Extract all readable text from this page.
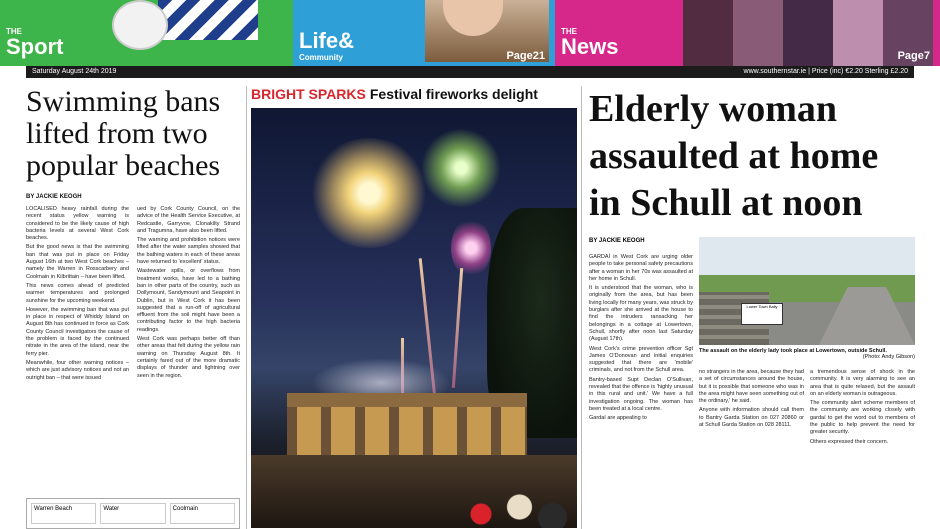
THE
Sport	Life&
Community	Page21
THE
News	Page7
Saturday August 24th 2019	www.southernstar.ie | Price (inc) €2.20 Sterling £2.20
Swimming bans lifted from two popular beaches
BY JACKIE KEOGH

LOCALISED heavy rainfall during the recent status yellow warning is considered to be the likely cause of high bacteria levels at several West Cork beaches.

But the good news is that the swimming ban that was put in place on Friday August 16th at two West Cork beaches – namely the Warren in Rosscarbery and Coolmain in Kilbrittain – have been lifted.

This news comes ahead of predicted warmer temperatures and prolonged sunshine for the upcoming weekend.

However, the swimming ban that was put in place in respect of Whiddy Island on August 8th has continued in force as Cork County Council investigators the cause of the problem is faced by the continued nitrate in the area of the island, near the ferry pier.

Meanwhile, four other warning notices – which are just advisory notices and not an outright ban – that were issued

ued by Cork County Council, on the advice of the Health Service Executive, at Redcastle, Garryvoe, Clonakilty Strand and Tragumna, have also been lifted.

The warning and prohibition notices were lifted after the water samples showed that the bathing waters in each of these areas have returned to 'excellent' status.

Wastewater spills, or overflows from treatment works, have led to a bathing ban in other parts of the country, such as Dollymount, Sandymount and Seapoint in Dublin, but in West Cork it has been suggested that a run-off of agricultural effluent from the soil might have been a contributing factor to the high bacteria readings.

West Cork was perhaps better off than other areas that felt during the yellow rain warning on Thursday August 8th. It certainly fared out of the more dramatic displays of thunder and lightning over seen in the region.

Warren Beach	Water	Coolmain
BRIGHT SPARKS Festival fireworks delight	Elderly woman assaulted at home in Schull at noon
BY JACKIE KEOGH

GARDAÍ in West Cork are urging older people to take personal safety precautions after a woman in her 70s was assaulted at her home in Schull.

It is understood that the woman, who is originally from the area, but has been living locally for many years, was struck by burglars after she arrived at the house to find the intruders ransacking her belongings in a cottage at Lowertown, Schull, shortly after noon last Saturday (August 17th).

West Cork's crime prevention officer Sgt James O'Donovan and initial enquiries suggested that there are 'mobile' criminals, and not from the Schull area.

Bantry-based Supt Declan O'Sullivan, revealed that the offence is 'highly unusual in this rural and unit.' We have a full investigation ongoing. The woman has been treated at a local centre.

Gardaí are appealing to

Lower Town Bally
The assault on the elderly lady took place at Lowertown, outside Schull.
(Photo: Andy Gibson)

no strangers in the area, because they had a set of circumstances around the house, but it is possible that someone who was in the area might have seen something out of the ordinary,' he said.

Anyone with information should call them to Bantry Garda Station on 027 20860 or at Schull Garda Station on 028 28111.

a tremendous sense of shock in the community. It is very alarming to see an area that is quite relaxed, but the assault on an elderly woman is outrageous.

The community alert scheme members of the community are working closely with gardaí to get the word out to members of the public to help prevent the need for greater security.

Others expressed their concern.
